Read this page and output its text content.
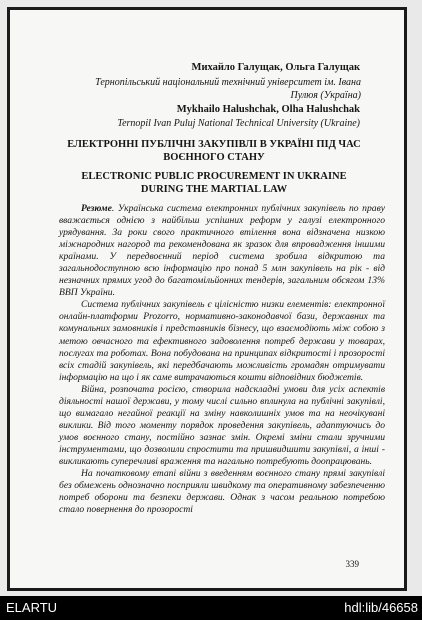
Михайло Галущак, Ольга Галущак
Тернопільський національний технічний університет ім. Івана Пулюя (Україна)
Mykhailo Halushchak, Olha Halushchak
Ternopil Ivan Puluj National Technical University (Ukraine)
ЕЛЕКТРОННІ ПУБЛІЧНІ ЗАКУПІВЛІ В УКРАЇНІ ПІД ЧАС ВОЄННОГО СТАНУ
ELECTRONIC PUBLIC PROCUREMENT IN UKRAINE DURING THE MARTIAL LAW

Резюме. Українська система електронних публічних закупівель по праву вважається однією з найбільш успішних реформ у галузі електронного урядування. За роки свого практичного втілення вона відзначена низкою міжнародних нагород та рекомендована як зразок для впровадження іншими країнами. У передвоєнний період система зробила відкритою та загальнодоступною всю інформацію про понад 5 млн закупівель на рік - від незначних прямих угод до багатомільйонних тендерів, загальним обсягом 13% ВВП України.

Система публічних закупівель є цілісністю низки елементів: електронної онлайн-платформи Prozorro, нормативно-законодавчої бази, державних та комунальних замовників і представників бізнесу, що взаємодіють між собою з метою овчасного та ефективного задоволення потреб держави у товарах, послугах та роботах. Вона побудована на принципах відкритості і прозорості всіх стадій закупівель, які передбачають можливість громадян отримувати інформацію на що і як саме витрачаються кошти відповідних бюджетів.

Війна, розпочата росією, створила надскладні умови для усіх аспектів діяльності нашої держави, у тому числі сильно вплинула на публічні закупівлі, що вимагало негайної реакції на зміну навколишніх умов та на неочікувані виклики. Від того моменту порядок проведення закупівель, адаптуючись до умов воєнного стану, постійно зазнає змін. Окремі зміни стали зручними інструментами, що дозволили спростити та пришвидшити закупівлі, а інші - викликають суперечливі враження та нагально потребують доопрацювань.

На початковому етапі війни з введенням воєнного стану прямі закупівлі без обмежень однозначно посприяли швидкому та оперативному забезпеченню потреб оборони та безпеки держави. Однак з часом реальною потребою стало повернення до прозорості

339
ELARTU	hdl:lib/46658
